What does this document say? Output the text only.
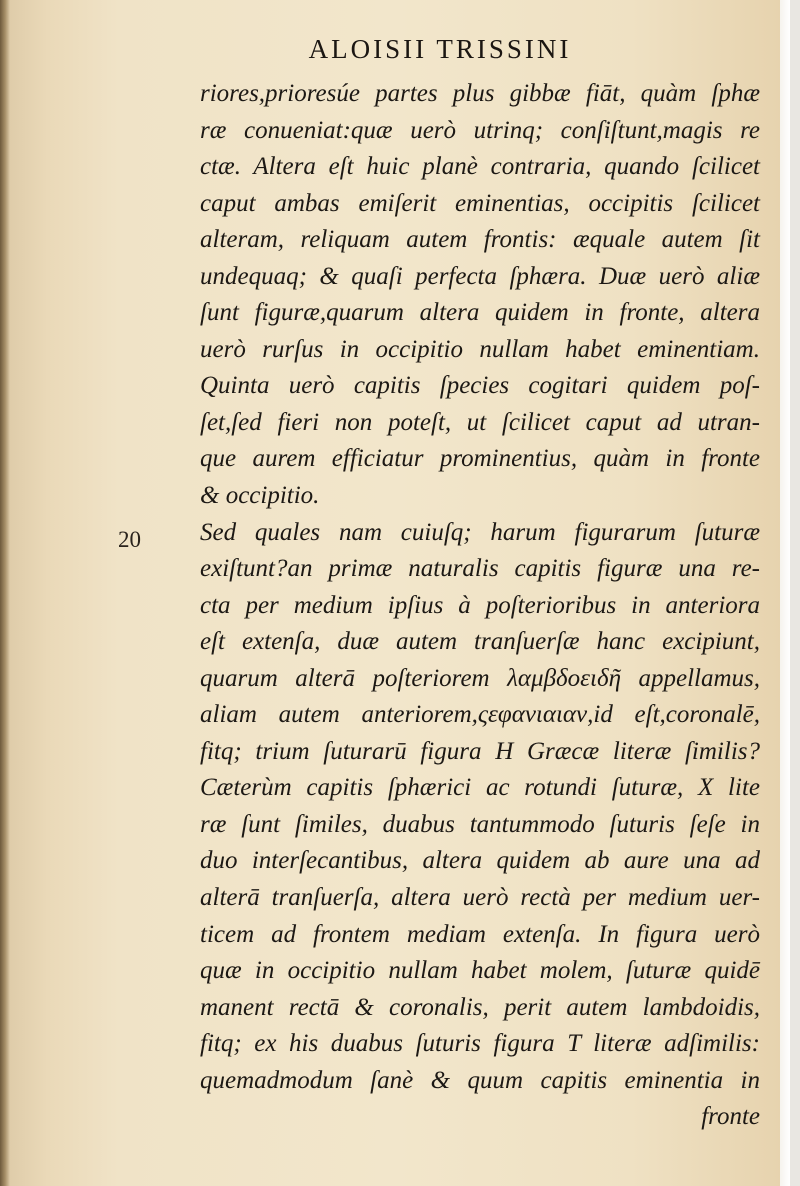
ALOISII TRISSINI
20
riores,prioresúe partes plus gibbæ fiāt, quàm ſphæ
ræ conueniat:quæ uerò utrinq; conſiſtunt,magis re
ctæ. Altera eſt huic planè contraria, quando ſcilicet
caput ambas emiſerit eminentias, occipitis ſcilicet
alteram, reliquam autem frontis: æquale autem ſit
undequaq; & quaſi perfecta ſphæra. Duæ uerò aliæ
ſunt figuræ,quarum altera quidem in fronte, altera
uerò rurſus in occipitio nullam habet eminentiam.
Quinta uerò capitis ſpecies cogitari quidem poſ-
ſet,ſed fieri non poteſt, ut ſcilicet caput ad utran-
que aurem efficiatur prominentius, quàm in fronte
& occipitio.
Sed quales nam cuiuſq; harum figurarum ſuturæ
exiſtunt?an primæ naturalis capitis figuræ una re-
cta per medium ipſius à poſterioribus in anteriora
eſt extenſa, duæ autem tranſuerſæ hanc excipiunt,
quarum alterā poſteriorem λαμβδοειδῆ appellamus,
aliam autem anteriorem,ςεφανιαιαν,id eſt,coronalē,
fitq; trium ſuturarū figura H Græcæ literæ ſimilis?
Cæterùm capitis ſphærici ac rotundi ſuturæ, X lite
ræ ſunt ſimiles, duabus tantummodo ſuturis ſeſe in
duo interſecantibus, altera quidem ab aure una ad
alterā tranſuerſa, altera uerò rectà per medium uer-
ticem ad frontem mediam extenſa. In figura uerò
quæ in occipitio nullam habet molem, ſuturæ quidē
manent rectā & coronalis, perit autem lambdoidis,
fitq; ex his duabus ſuturis figura T literæ adſimilis:
quemadmodum ſanè & quum capitis eminentia in
fronte
